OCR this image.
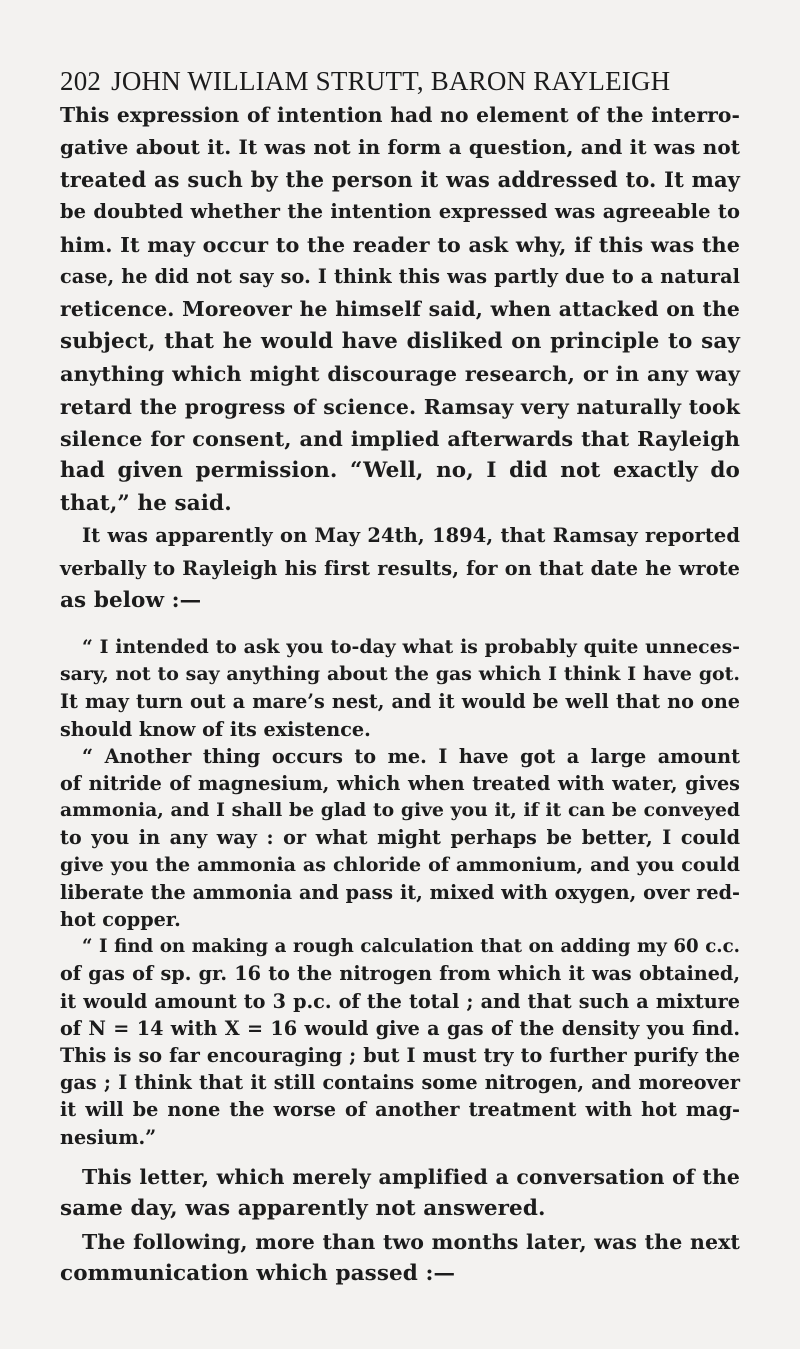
202 JOHN WILLIAM STRUTT, BARON RAYLEIGH
This expression of intention had no element of the interro-
gative about it. It was not in form a question, and it was not
treated as such by the person it was addressed to. It may
be doubted whether the intention expressed was agreeable to
him. It may occur to the reader to ask why, if this was the
case, he did not say so. I think this was partly due to a natural
reticence. Moreover he himself said, when attacked on the
subject, that he would have disliked on principle to say
anything which might discourage research, or in any way
retard the progress of science. Ramsay very naturally took
silence for consent, and implied afterwards that Rayleigh
had given permission. “Well, no, I did not exactly do
that,” he said.
It was apparently on May 24th, 1894, that Ramsay reported
verbally to Rayleigh his first results, for on that date he wrote
as below :—
“ I intended to ask you to-day what is probably quite unneces-
sary, not to say anything about the gas which I think I have got.
It may turn out a mare’s nest, and it would be well that no one
should know of its existence.
“ Another thing occurs to me. I have got a large amount
of nitride of magnesium, which when treated with water, gives
ammonia, and I shall be glad to give you it, if it can be conveyed
to you in any way : or what might perhaps be better, I could
give you the ammonia as chloride of ammonium, and you could
liberate the ammonia and pass it, mixed with oxygen, over red-
hot copper.
“ I find on making a rough calculation that on adding my 60 c.c.
of gas of sp. gr. 16 to the nitrogen from which it was obtained,
it would amount to 3 p.c. of the total ; and that such a mixture
of N = 14 with X = 16 would give a gas of the density you find.
This is so far encouraging ; but I must try to further purify the
gas ; I think that it still contains some nitrogen, and moreover
it will be none the worse of another treatment with hot mag-
nesium.”
This letter, which merely amplified a conversation of the
same day, was apparently not answered.
The following, more than two months later, was the next
communication which passed :—
